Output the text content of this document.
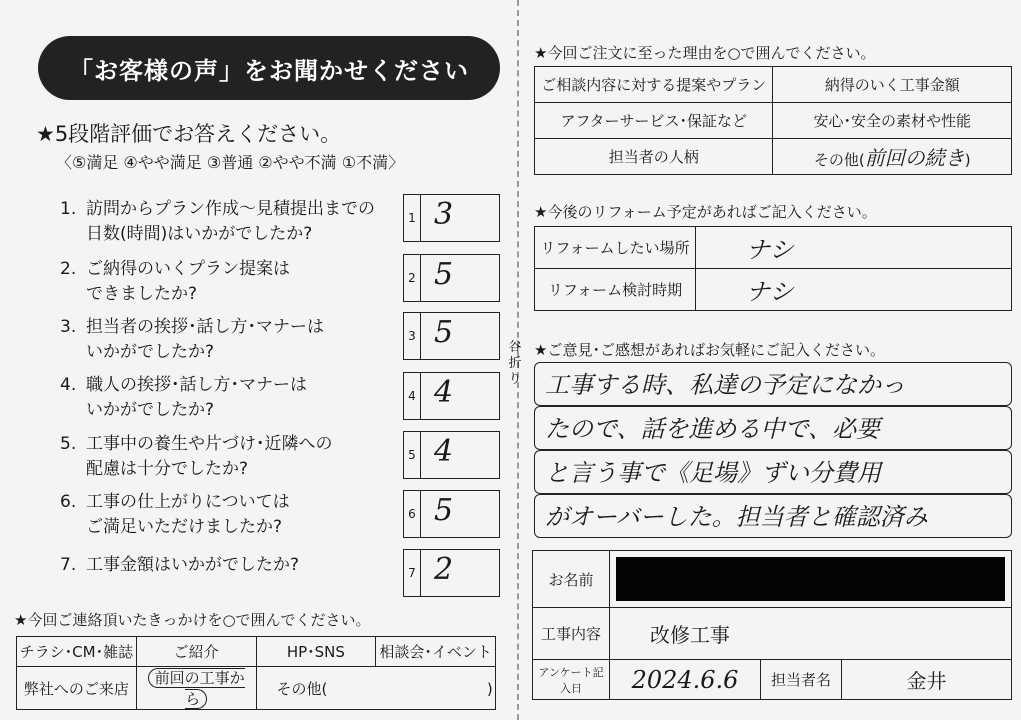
谷折り
「お客様の声」をお聞かせください
★5段階評価でお答えください。
〈⑤満足 ④やや満足 ③普通 ②やや不満 ①不満〉
1. 訪問からプラン作成～見積提出までの
日数(時間)はいかがでしたか?
1 3
2. ご納得のいくプラン提案は
できましたか?
2 5
3. 担当者の挨拶･話し方･マナーは
いかがでしたか?
3 5
4. 職人の挨拶･話し方･マナーは
いかがでしたか?
4 4
5. 工事中の養生や片づけ･近隣への
配慮は十分でしたか?
5 4
6. 工事の仕上がりについては
ご満足いただけましたか?
6 5
7. 工事金額はいかがでしたか?	7 2
★今回ご連絡頂いたきっかけを○で囲んでください。
チラシ･CM･雑誌	ご紹介	HP･SNS	相談会･イベント
弊社へのご来店	前回の工事から	その他( )	
★今回ご注文に至った理由を○で囲んでください。
ご相談内容に対する提案やプラン	納得のいく工事金額
アフターサービス･保証など	安心･安全の素材や性能
担当者の人柄	その他(前回の続き)
★今後のリフォーム予定があればご記入ください。
リフォームしたい場所	ナシ
リフォーム検討時期	ナシ
★ご意見･ご感想があればお気軽にご記入ください。
工事する時、私達の予定になかっ
たので、話を進める中で、必要
と言う事で《足場》ずい分費用
がオーバーした。担当者と確認済み
お名前			

工事内容	改修工事		
アンケート記入日	2024.6.6	担当者名	金井
